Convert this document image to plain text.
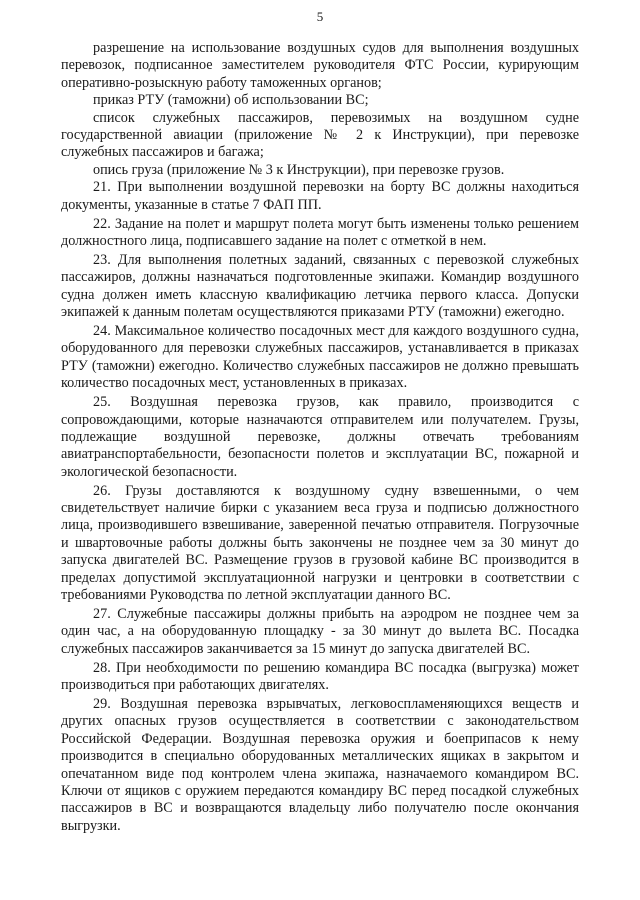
5

разрешение на использование воздушных судов для выполнения воздушных перевозок, подписанное заместителем руководителя ФТС России, курирующим оперативно-розыскную работу таможенных органов;

приказ РТУ (таможни) об использовании ВС;

список служебных пассажиров, перевозимых на воздушном судне государственной авиации (приложение № 2 к Инструкции), при перевозке служебных пассажиров и багажа;

опись груза (приложение № 3 к Инструкции), при перевозке грузов.

21. При выполнении воздушной перевозки на борту ВС должны находиться документы, указанные в статье 7 ФАП ПП.

22. Задание на полет и маршрут полета могут быть изменены только решением должностного лица, подписавшего задание на полет с отметкой в нем.

23. Для выполнения полетных заданий, связанных с перевозкой служебных пассажиров, должны назначаться подготовленные экипажи. Командир воздушного судна должен иметь классную квалификацию летчика первого класса. Допуски экипажей к данным полетам осуществляются приказами РТУ (таможни) ежегодно.

24. Максимальное количество посадочных мест для каждого воздушного судна, оборудованного для перевозки служебных пассажиров, устанавливается в приказах РТУ (таможни) ежегодно. Количество служебных пассажиров не должно превышать количество посадочных мест, установленных в приказах.

25. Воздушная перевозка грузов, как правило, производится с сопровождающими, которые назначаются отправителем или получателем. Грузы, подлежащие воздушной перевозке, должны отвечать требованиям авиатранспортабельности, безопасности полетов и эксплуатации ВС, пожарной и экологической безопасности.

26. Грузы доставляются к воздушному судну взвешенными, о чем свидетельствует наличие бирки с указанием веса груза и подписью должностного лица, производившего взвешивание, заверенной печатью отправителя. Погрузочные и швартовочные работы должны быть закончены не позднее чем за 30 минут до запуска двигателей ВС. Размещение грузов в грузовой кабине ВС производится в пределах допустимой эксплуатационной нагрузки и центровки в соответствии с требованиями Руководства по летной эксплуатации данного ВС.

27. Служебные пассажиры должны прибыть на аэродром не позднее чем за один час, а на оборудованную площадку - за 30 минут до вылета ВС. Посадка служебных пассажиров заканчивается за 15 минут до запуска двигателей ВС.

28. При необходимости по решению командира ВС посадка (выгрузка) может производиться при работающих двигателях.

29. Воздушная перевозка взрывчатых, легковоспламеняющихся веществ и других опасных грузов осуществляется в соответствии с законодательством Российской Федерации. Воздушная перевозка оружия и боеприпасов к нему производится в специально оборудованных металлических ящиках в закрытом и опечатанном виде под контролем члена экипажа, назначаемого командиром ВС. Ключи от ящиков с оружием передаются командиру ВС перед посадкой служебных пассажиров в ВС и возвращаются владельцу либо получателю после окончания выгрузки.
